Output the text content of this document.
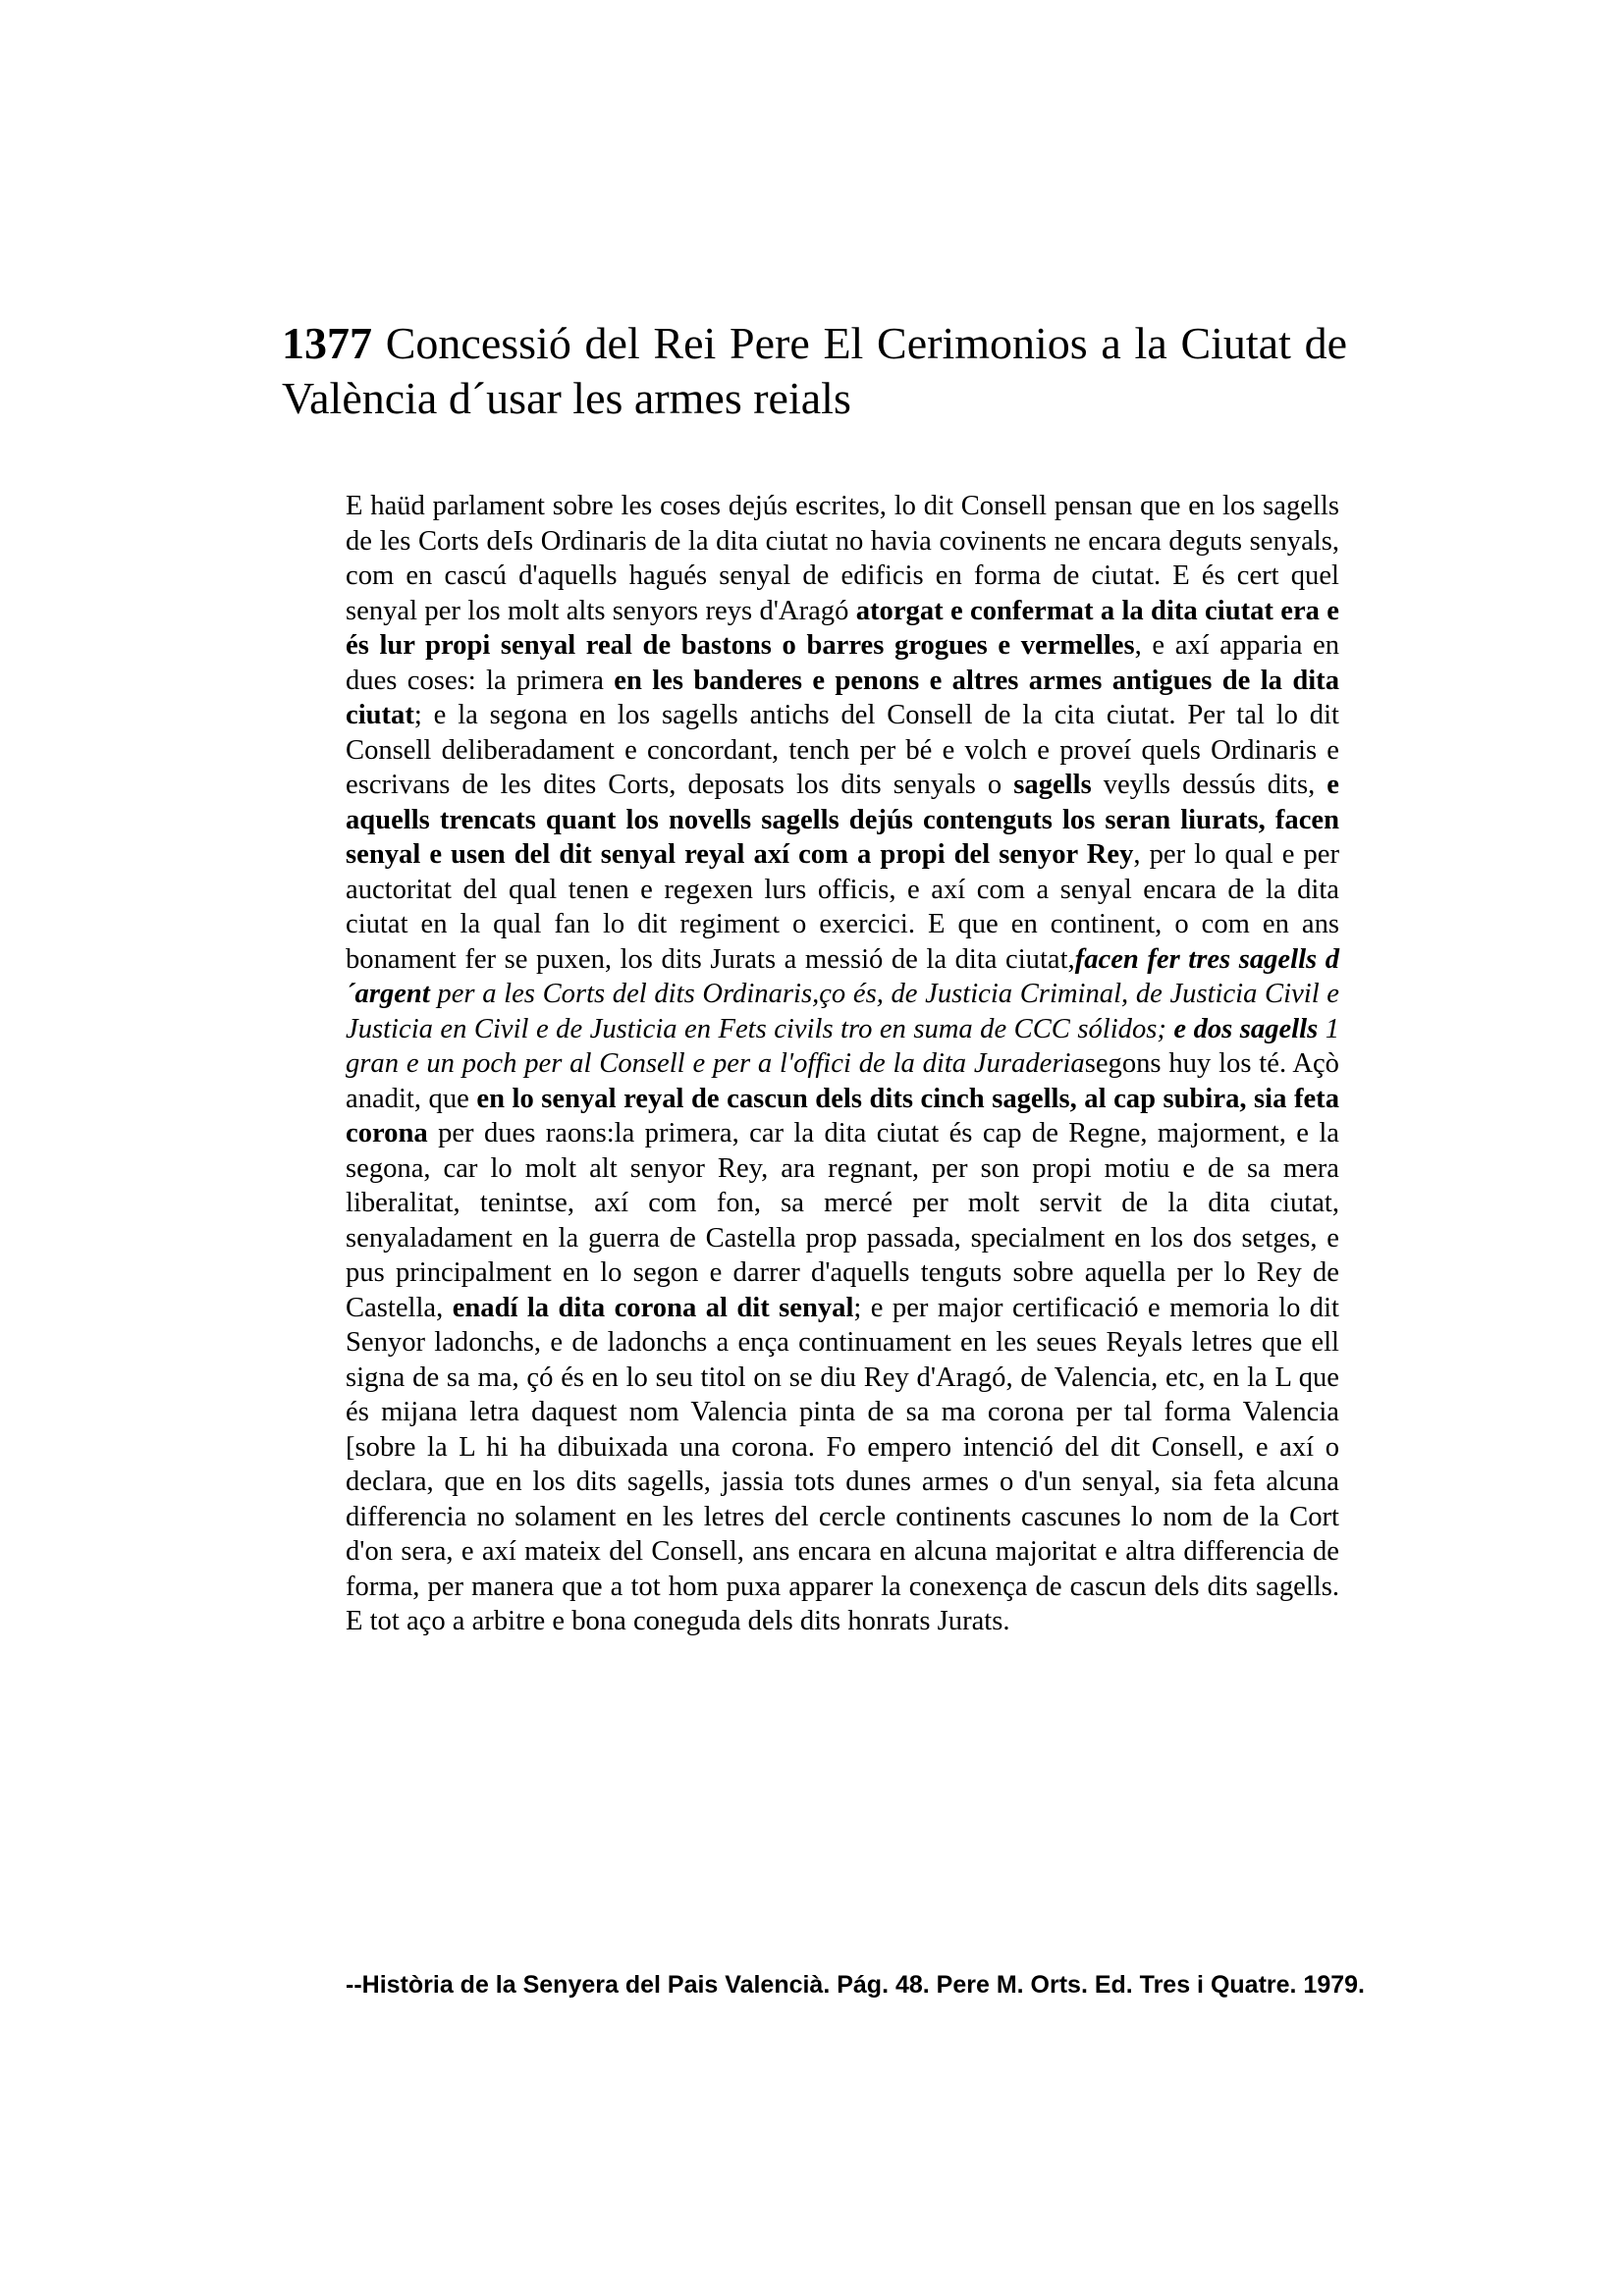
1377 Concessió del Rei Pere El Cerimonios a la Ciutat de València d´usar les armes reials

E haüd parlament sobre les coses dejús escrites, lo dit Consell pensan que en los sagells de les Corts deIs Ordinaris de la dita ciutat no havia covinents ne encara deguts senyals, com en cascú d'aquells hagués senyal de edificis en forma de ciutat. E és cert quel senyal per los molt alts senyors reys d'Aragó atorgat e confermat a la dita ciutat era e és lur propi senyal real de bastons o barres grogues e vermelles, e axí apparia en dues coses: la primera en les banderes e penons e altres armes antigues de la dita ciutat; e la segona en los sagells antichs del Consell de la cita ciutat. Per tal lo dit Consell deliberadament e concordant, tench per bé e volch e proveí quels Ordinaris e escrivans de les dites Corts, deposats los dits senyals o sagells veylls dessús dits, e aquells trencats quant los novells sagells dejús contenguts los seran liurats, facen senyal e usen del dit senyal reyal axí com a propi del senyor Rey, per lo qual e per auctoritat del qual tenen e regexen lurs officis, e axí com a senyal encara de la dita ciutat en la qual fan lo dit regiment o exercici. E que en continent, o com en ans bonament fer se puxen, los dits Jurats a messió de la dita ciutat,facen fer tres sagells d´argent per a les Corts del dits Ordinaris,ço és, de Justicia Criminal, de Justicia Civil e Justicia en Civil e de Justicia en Fets civils tro en suma de CCC sólidos; e dos sagells 1 gran e un poch per al Consell e per a l'offici de la dita Juraderiasegons huy los té. Açò anadit, que en lo senyal reyal de cascun dels dits cinch sagells, al cap subira, sia feta corona per dues raons:la primera, car la dita ciutat és cap de Regne, majorment, e la segona, car lo molt alt senyor Rey, ara regnant, per son propi motiu e de sa mera liberalitat, tenintse, axí com fon, sa mercé per molt servit de la dita ciutat, senyaladament en la guerra de Castella prop passada, specialment en los dos setges, e pus principalment en lo segon e darrer d'aquells tenguts sobre aquella per lo Rey de Castella, enadí la dita corona al dit senyal; e per major certificació e memoria lo dit Senyor ladonchs, e de ladonchs a ença continuament en les seues Reyals letres que ell signa de sa ma, çó és en lo seu titol on se diu Rey d'Aragó, de Valencia, etc, en la L que és mijana letra daquest nom Valencia pinta de sa ma corona per tal forma Valencia [sobre la L hi ha dibuixada una corona. Fo empero intenció del dit Consell, e axí o declara, que en los dits sagells, jassia tots dunes armes o d'un senyal, sia feta alcuna differencia no solament en les letres del cercle continents cascunes lo nom de la Cort d'on sera, e axí mateix del Consell, ans encara en alcuna majoritat e altra differencia de forma, per manera que a tot hom puxa apparer la conexença de cascun dels dits sagells. E tot aço a arbitre e bona coneguda dels dits honrats Jurats.

--Història de la Senyera del Pais Valencià. Pág. 48. Pere M. Orts. Ed. Tres i Quatre. 1979.
